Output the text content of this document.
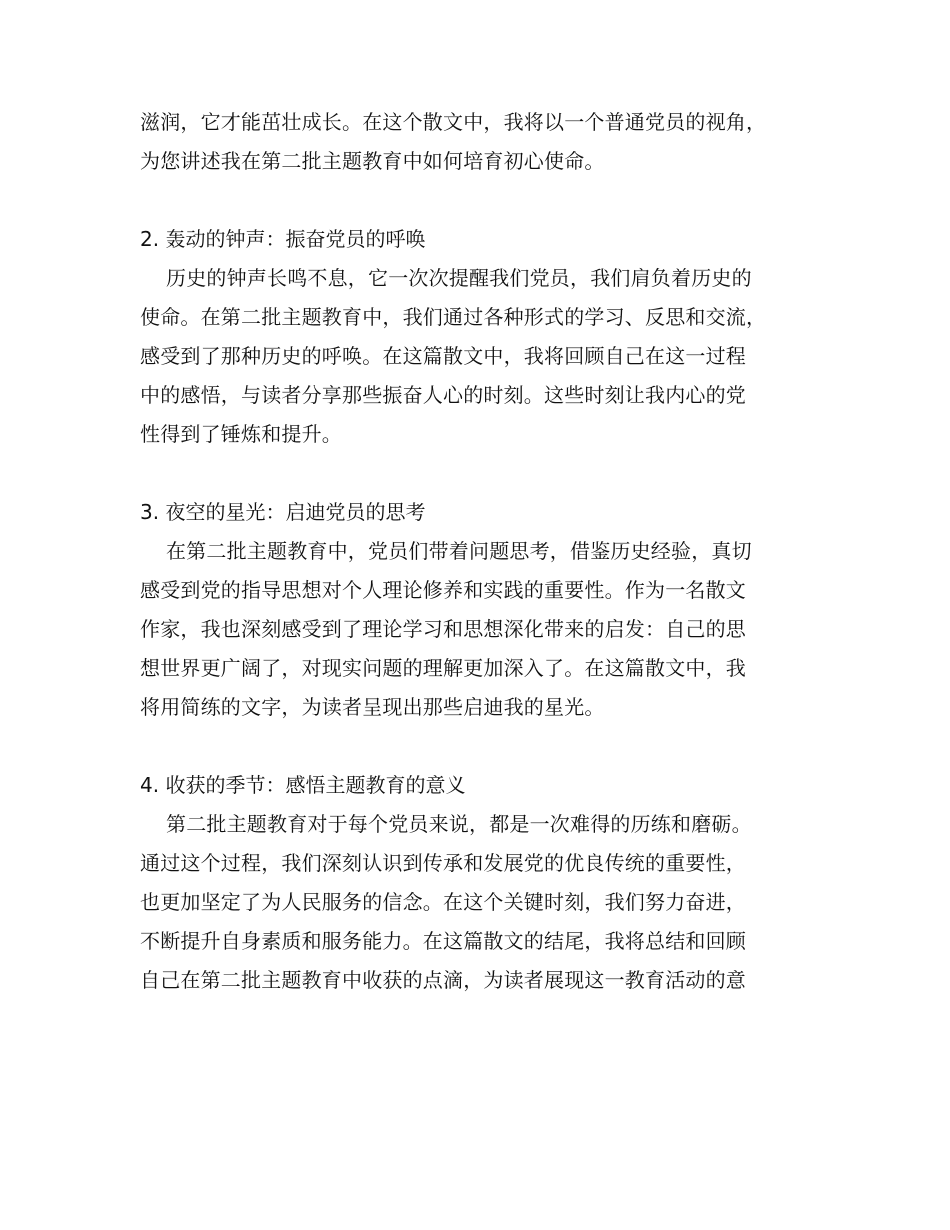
滋润，它才能茁壮成长。在这个散文中，我将以一个普通党员的视角，
为您讲述我在第二批主题教育中如何培育初心使命。
2. 轰动的钟声：振奋党员的呼唤
历史的钟声长鸣不息，它一次次提醒我们党员，我们肩负着历史的
使命。在第二批主题教育中，我们通过各种形式的学习、反思和交流，
感受到了那种历史的呼唤。在这篇散文中，我将回顾自己在这一过程
中的感悟，与读者分享那些振奋人心的时刻。这些时刻让我内心的党
性得到了锤炼和提升。
3. 夜空的星光：启迪党员的思考
在第二批主题教育中，党员们带着问题思考，借鉴历史经验，真切
感受到党的指导思想对个人理论修养和实践的重要性。作为一名散文
作家，我也深刻感受到了理论学习和思想深化带来的启发：自己的思
想世界更广阔了，对现实问题的理解更加深入了。在这篇散文中，我
将用简练的文字，为读者呈现出那些启迪我的星光。
4. 收获的季节：感悟主题教育的意义
第二批主题教育对于每个党员来说，都是一次难得的历练和磨砺。
通过这个过程，我们深刻认识到传承和发展党的优良传统的重要性，
也更加坚定了为人民服务的信念。在这个关键时刻，我们努力奋进，
不断提升自身素质和服务能力。在这篇散文的结尾，我将总结和回顾
自己在第二批主题教育中收获的点滴，为读者展现这一教育活动的意
